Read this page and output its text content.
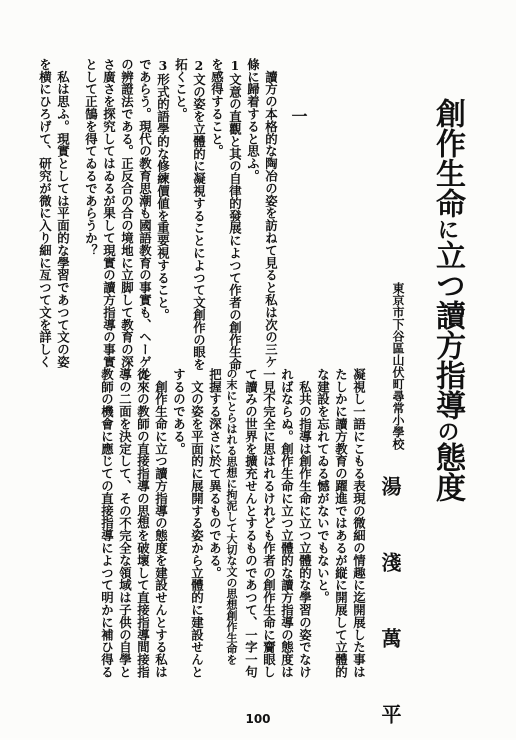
創作生命に立つ讀方指導の態度
東京市下谷區山伏町尋常小學校
湯 淺 萬 平
凝視し一語にこもる表現の微細の情趣に迄開展した事は
たしかに讀方教育の躍進ではあるが縦に開展して立體的
な建設を忘れてゐる憾がないでもないと。
　私共の指導は創作生命に立つ立體的な學習の姿でなけ
ればならぬ。創作生命に立つ立體的な讀方指導の態度は
一見不完全に思はれるけれども作者の創作生命に齎眼し
て讀みの世界を擴充せんとするものであつて、一字一句
の末にとらはれる思想に拘泥して大切な文の思想創作生命を
把握する深さに於て異るものである。
　文の姿を平面的に展開する姿から立體的に建設せんと
するのである。
　創作生命に立つ讀方指導の態度を建設せんとする私は
從來の教師の直接指導の思想を破壞して直接指導間接指
導の二面を決定して、その不完全な領域は子供の自學と
教師の機會に應じての直接指導によつて明かに補ひ得る
一
　讀方の本格的な陶冶の姿を訪ねて見ると私は次の三ケ
條に歸着すると思ふ。
1文意の直觀と其の自律的發展によつて作者の創作生命
を感得すること。
2文の姿を立體的に凝視することによつて文創作の眼を
拓くこと。
3形式的語學的な修練價値を重要視すること。
であらう。現代の教育思潮も國語教育の事實も、ヘーゲル
の辨證法である。正反合の合の境地に立脚して教育の深
さ廣さを探究してはゐるが果して現實の讀方指導の事實
として正鵠を得てゐるであらうか？
　私は思ふ。現實としては平面的な學習であつて文の姿
を横にひろげて、研究が微に入り細に亙つて文を詳しく
100
